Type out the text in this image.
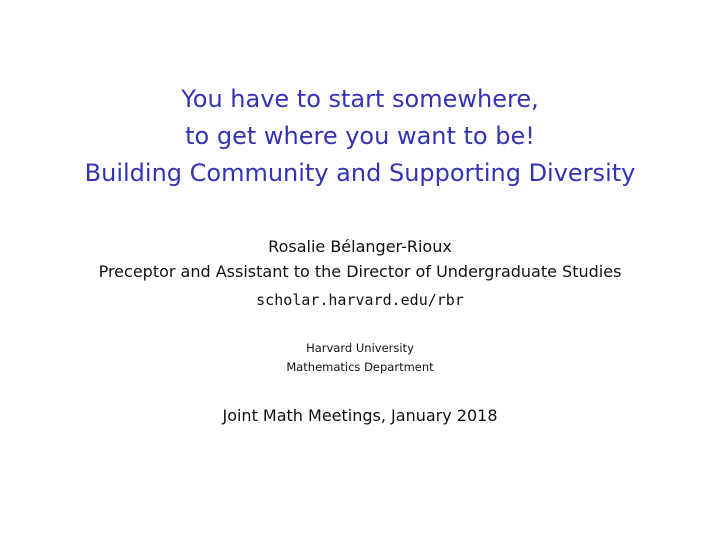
You have to start somewhere,
to get where you want to be!
Building Community and Supporting Diversity
Rosalie Bélanger-Rioux
Preceptor and Assistant to the Director of Undergraduate Studies
scholar.harvard.edu/rbr
Harvard University
Mathematics Department
Joint Math Meetings, January 2018
